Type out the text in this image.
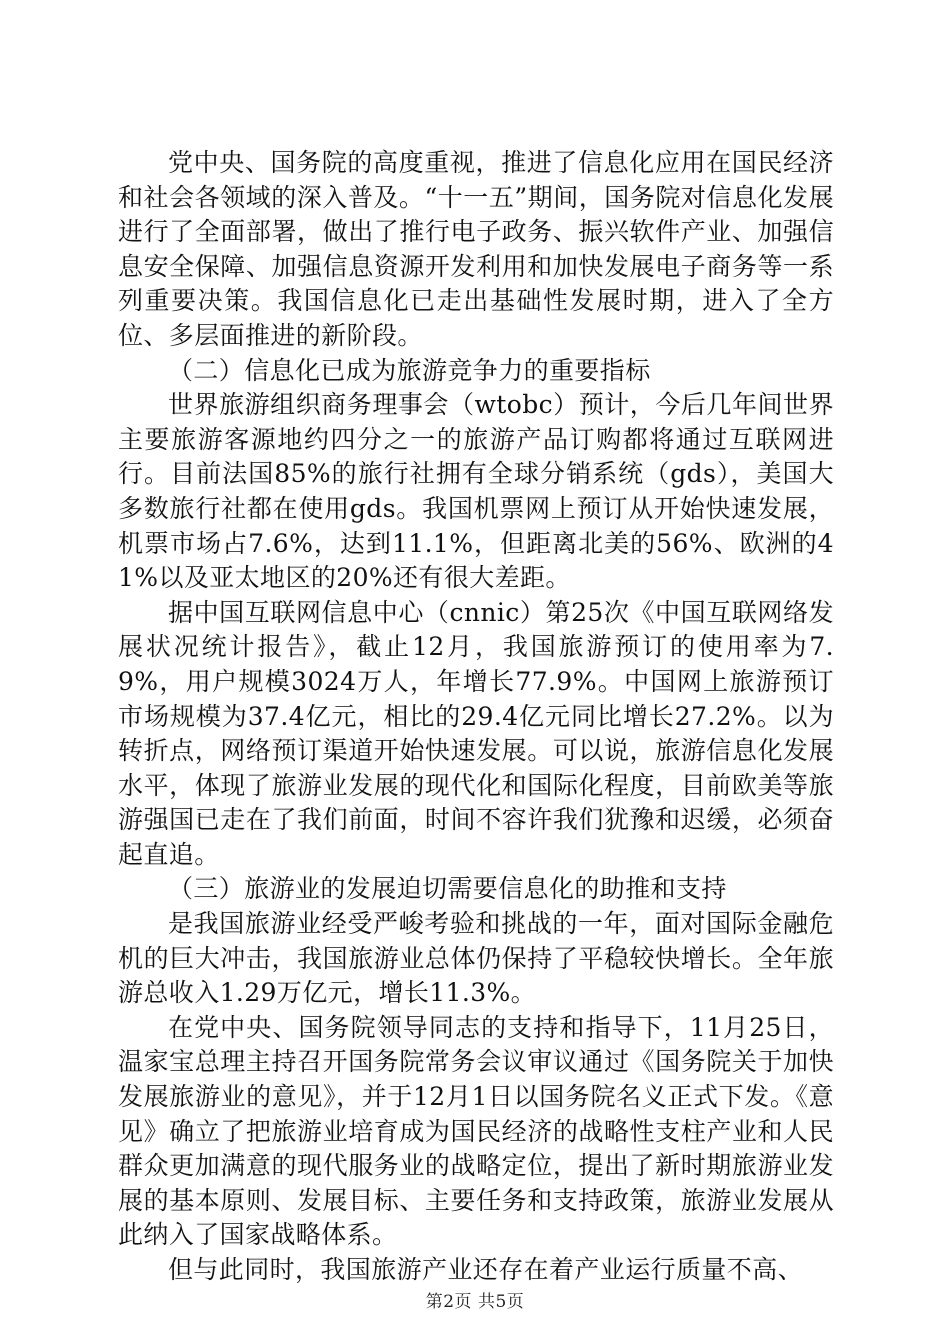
党中央、国务院的高度重视，推进了信息化应用在国民经济和社会各领域的深入普及。“十一五”期间，国务院对信息化发展进行了全面部署，做出了推行电子政务、振兴软件产业、加强信息安全保障、加强信息资源开发利用和加快发展电子商务等一系列重要决策。我国信息化已走出基础性发展时期，进入了全方位、多层面推进的新阶段。

（二）信息化已成为旅游竞争力的重要指标

世界旅游组织商务理事会（wtobc）预计，今后几年间世界主要旅游客源地约四分之一的旅游产品订购都将通过互联网进行。目前法国85%的旅行社拥有全球分销系统（gds），美国大多数旅行社都在使用gds。我国机票网上预订从开始快速发展，机票市场占7.6%，达到11.1%，但距离北美的56%、欧洲的41%以及亚太地区的20%还有很大差距。

据中国互联网信息中心（cnnic）第25次《中国互联网络发展状况统计报告》，截止12月，我国旅游预订的使用率为7.9%，用户规模3024万人，年增长77.9%。中国网上旅游预订市场规模为37.4亿元，相比的29.4亿元同比增长27.2%。以为转折点，网络预订渠道开始快速发展。可以说，旅游信息化发展水平，体现了旅游业发展的现代化和国际化程度，目前欧美等旅游强国已走在了我们前面，时间不容许我们犹豫和迟缓，必须奋起直追。

（三）旅游业的发展迫切需要信息化的助推和支持

是我国旅游业经受严峻考验和挑战的一年，面对国际金融危机的巨大冲击，我国旅游业总体仍保持了平稳较快增长。全年旅游总收入1.29万亿元，增长11.3%。

在党中央、国务院领导同志的支持和指导下，11月25日，温家宝总理主持召开国务院常务会议审议通过《国务院关于加快发展旅游业的意见》，并于12月1日以国务院名义正式下发。《意见》确立了把旅游业培育成为国民经济的战略性支柱产业和人民群众更加满意的现代服务业的战略定位，提出了新时期旅游业发展的基本原则、发展目标、主要任务和支持政策，旅游业发展从此纳入了国家战略体系。

但与此同时，我国旅游产业还存在着产业运行质量不高、

第2页 共5页
